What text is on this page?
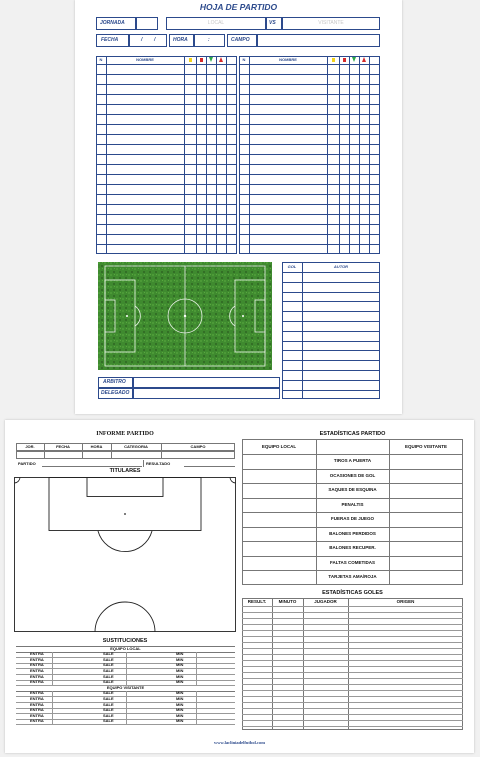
HOJA DE PARTIDO
JORNADA	LOCAL	VS	VISITANTE
FECHA	/ /	HORA	:	CAMPO
N	NOMBRE	N	NOMBRE
GOL	AUTOR
ARBITRO
DELEGADO
INFORME PARTIDO
JOR.	FECHA	HORA	CATEGORIA	CAMPO
PARTIDO	RESULTADO
TITULARES
SUSTITUCIONES
EQUIPO LOCAL
ENTRA	SALE	MIN
ENTRA	SALE	MIN
ENTRA	SALE	MIN
ENTRA	SALE	MIN
ENTRA	SALE	MIN
ENTRA	SALE	MIN
EQUIPO VISITANTE
ENTRA	SALE	MIN
ENTRA	SALE	MIN
ENTRA	SALE	MIN
ENTRA	SALE	MIN
ENTRA	SALE	MIN
ENTRA	SALE	MIN
www.lacliniadelfutbol.com
ESTADÍSTICAS PARTIDO
EQUIPO LOCAL	EQUIPO VISITANTE
TIROS A PUERTA
OCASIONES DE GOL
SAQUES DE ESQUINA
PENALTIS
FUERAS DE JUEGO
BALONES PERDIDOS
BALONES RECUPER.
FALTAS COMETIDAS
TARJETAS AMA/ROJA
ESTADÍSTICAS GOLES
RESULT.	MINUTO	JUGADOR	ORIGEN
